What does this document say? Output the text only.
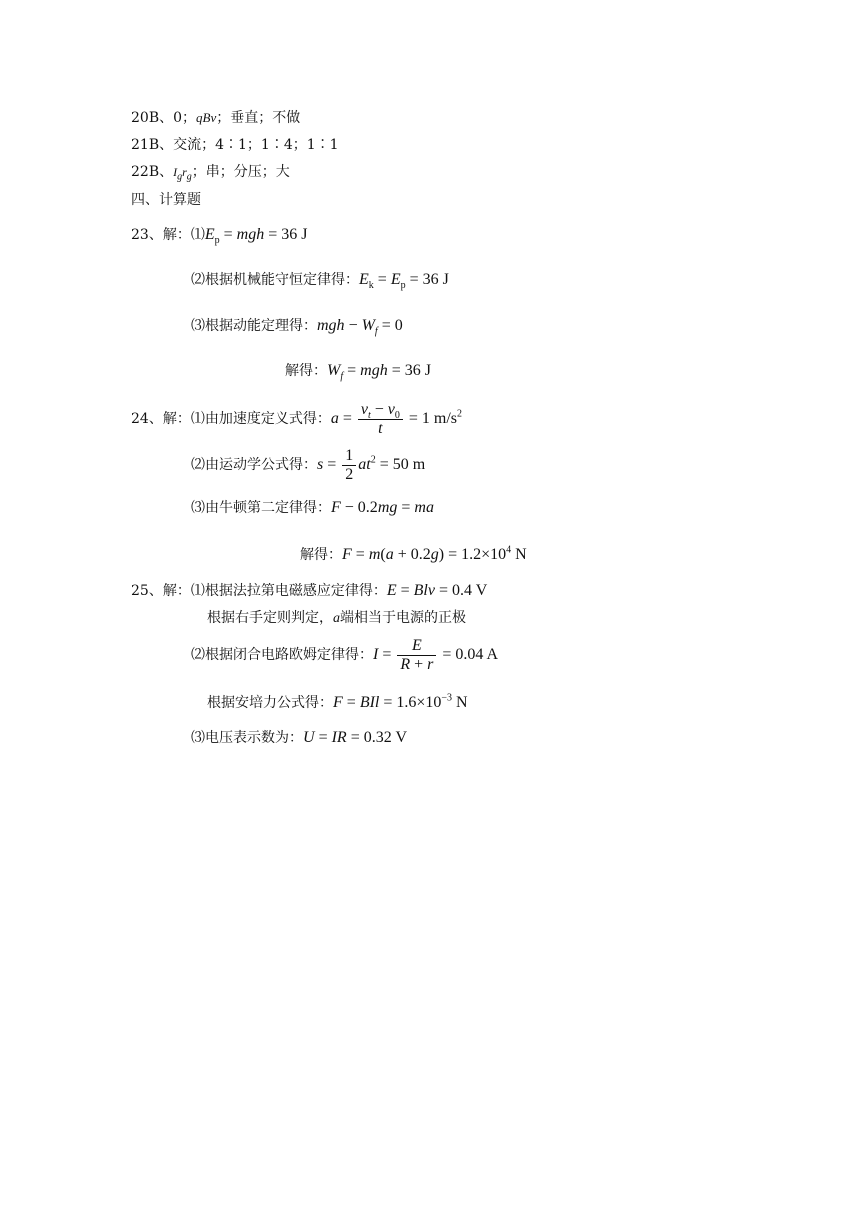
20B、0；qBv；垂直；不做
21B、交流；4∶1；1∶4；1∶1
22B、$I_gr_g$；串；分压；大
四、计算题
23、解：$⑴E_p$ = mgh = 36 J
⑵根据机械能守恒定律得：$E_k = E_p = 36$ J
⑶根据动能定理得：mgh − $W_f = 0$
解得：$W_f$ = mgh = 36 J
24、解：⑴由加速度定义式得：$a = \frac{v_t - v_0}{t} = 1$ $m/s^2$
⑵由运动学公式得：$s = \frac{1}{2} at^2 = 50$ m
⑶由牛顿第二定律得：F − 0.2mg = ma
解得：$F = m(a + 0.2g) = 1.2\times 10^4$ N
25、解：⑴根据法拉第电磁感应定律得：E = Blv = 0.4 V
根据右手定则判定，a端相当于电源的正极
⑵根据闭合电路欧姆定律得：$I = \frac{E}{R + r} = 0.04$ A
根据安培力公式得：F = BIl = $1.6\times 10^{-3}$ N
⑶电压表示数为：U = IR = 0.32 V
